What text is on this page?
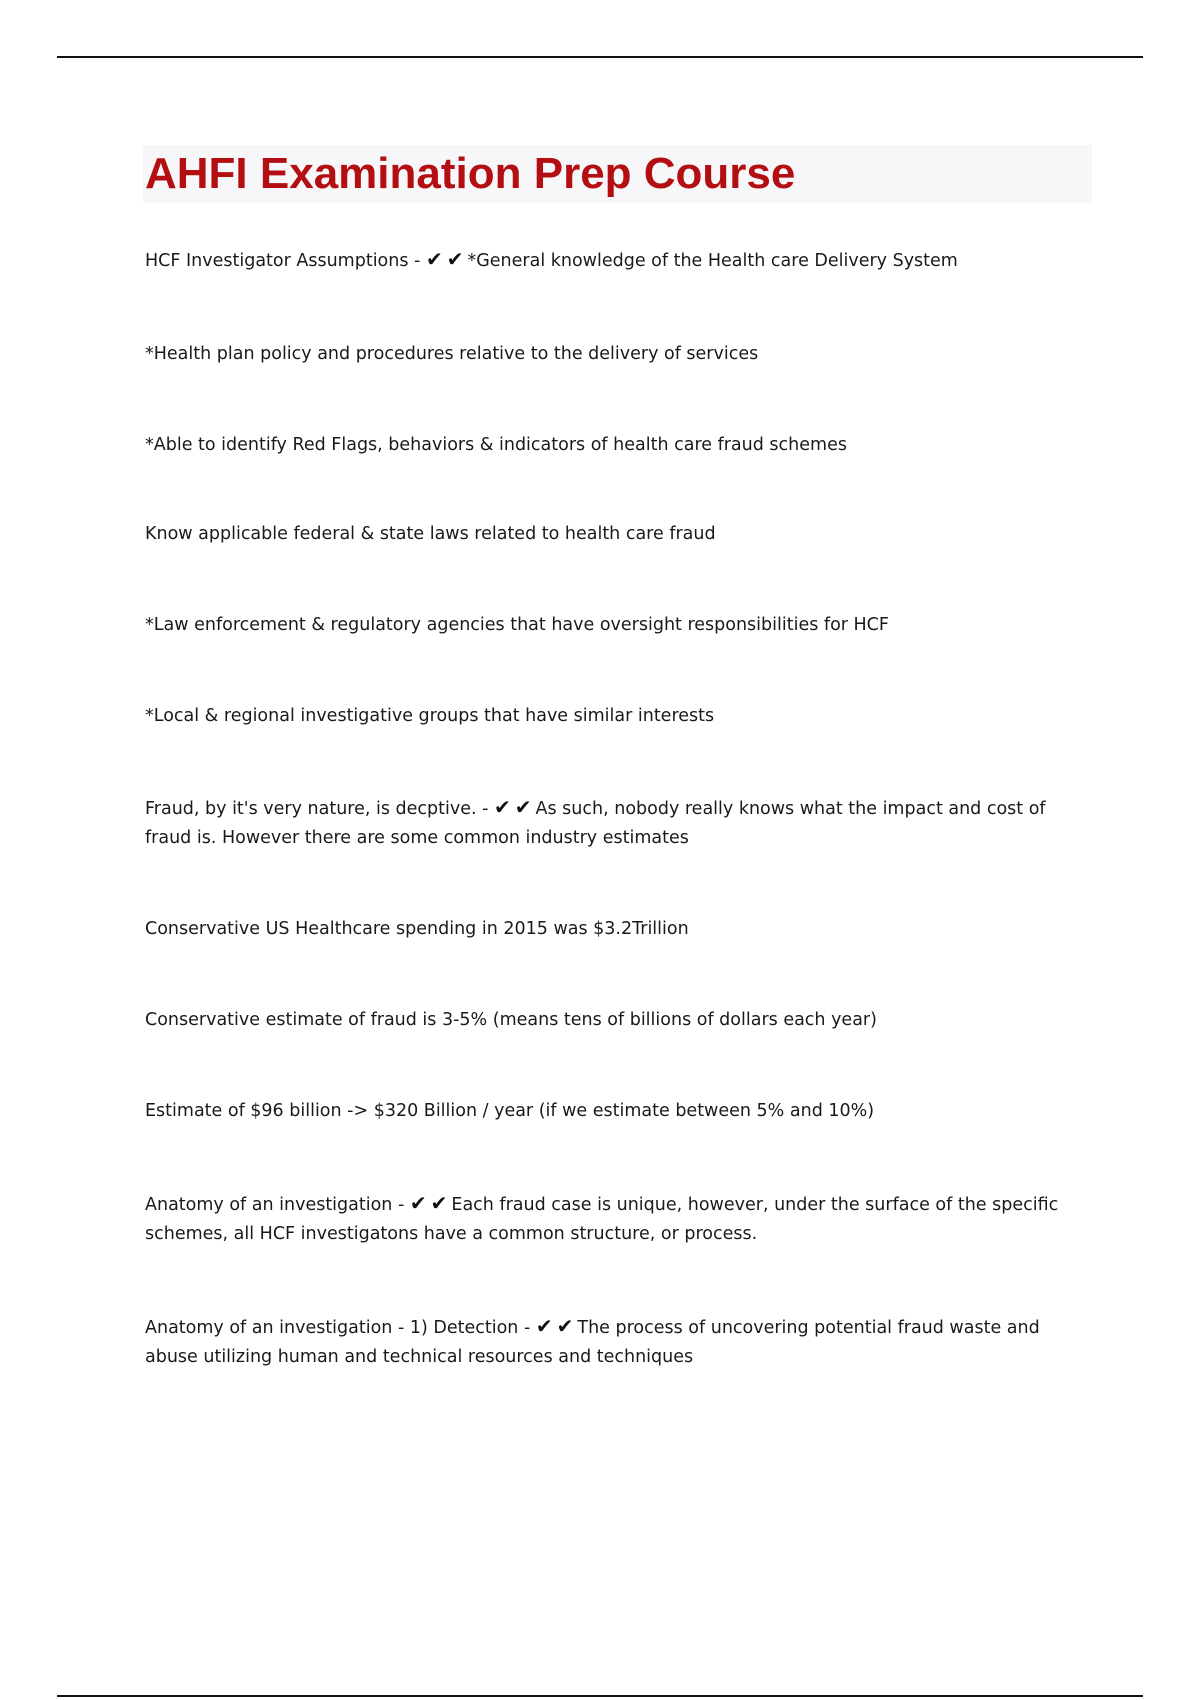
AHFI Examination Prep Course

HCF Investigator Assumptions - ✔ ✔ *General knowledge of the Health care Delivery System

*Health plan policy and procedures relative to the delivery of services

*Able to identify Red Flags, behaviors & indicators of health care fraud schemes

Know applicable federal & state laws related to health care fraud

*Law enforcement & regulatory agencies that have oversight responsibilities for HCF

*Local & regional investigative groups that have similar interests

Fraud, by it's very nature, is decptive. - ✔ ✔ As such, nobody really knows what the impact and cost of fraud is. However there are some common industry estimates

Conservative US Healthcare spending in 2015 was $3.2Trillion

Conservative estimate of fraud is 3-5% (means tens of billions of dollars each year)

Estimate of $96 billion -> $320 Billion / year (if we estimate between 5% and 10%)

Anatomy of an investigation - ✔ ✔ Each fraud case is unique, however, under the surface of the specific schemes, all HCF investigatons have a common structure, or process.

Anatomy of an investigation - 1) Detection - ✔ ✔ The process of uncovering potential fraud waste and abuse utilizing human and technical resources and techniques
